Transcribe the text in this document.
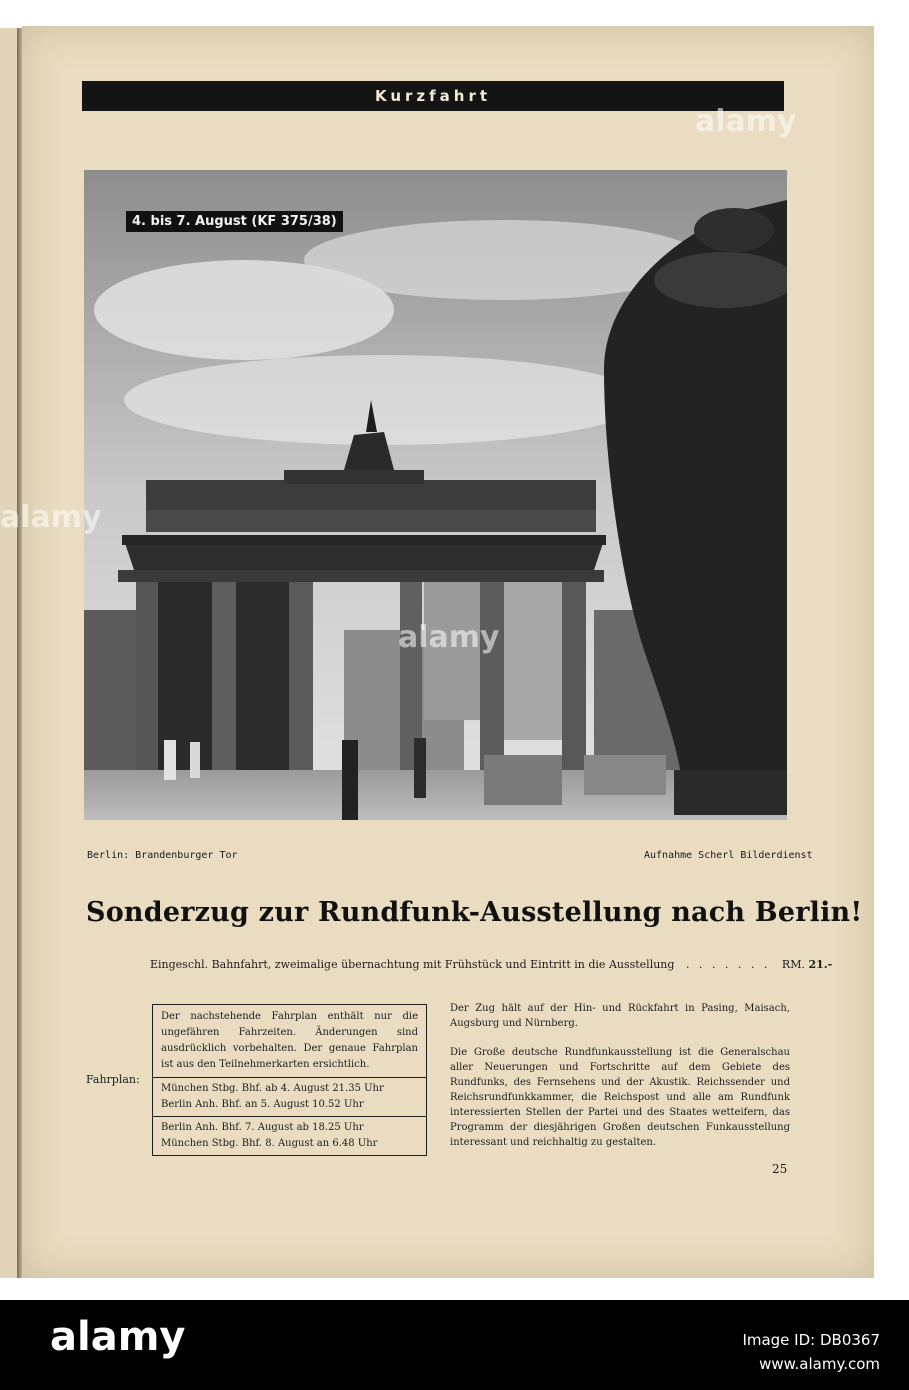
Kurzfahrt
4. bis 7. August (KF 375/38)
Berlin: Brandenburger Tor	Aufnahme Scherl Bilderdienst
Sonderzug zur Rundfunk-Ausstellung nach Berlin!
Eingeschl. Bahnfahrt, zweimalige übernachtung mit Frühstück und Eintritt in die Ausstellung . . . . . . . RM. 21.-
Fahrplan:
Der nachstehende Fahrplan enthält nur die ungefähren Fahrzeiten. Änderungen sind ausdrücklich vorbehalten. Der genaue Fahrplan ist aus den Teilnehmerkarten ersichtlich.
München Stbg. Bhf. ab 4. August 21.35 Uhr
Berlin Anh. Bhf. an 5. August 10.52 Uhr
Berlin Anh. Bhf. 7. August ab 18.25 Uhr
München Stbg. Bhf. 8. August an 6.48 Uhr

Der Zug hält auf der Hin- und Rückfahrt in Pasing, Maisach, Augsburg und Nürnberg.

Die Große deutsche Rundfunkausstellung ist die Generalschau aller Neuerungen und Fortschritte auf dem Gebiete des Rundfunks, des Fernsehens und der Akustik. Reichssender und Reichsrundfunkkammer, die Reichspost und alle am Rundfunk interessierten Stellen der Partei und des Staates wetteifern, das Programm der diesjährigen Großen deutschen Funkausstellung interessant und reichhaltig zu gestalten.

25
alamy
alamy
alamy
alamy	Image ID: DB0367
www.alamy.com
